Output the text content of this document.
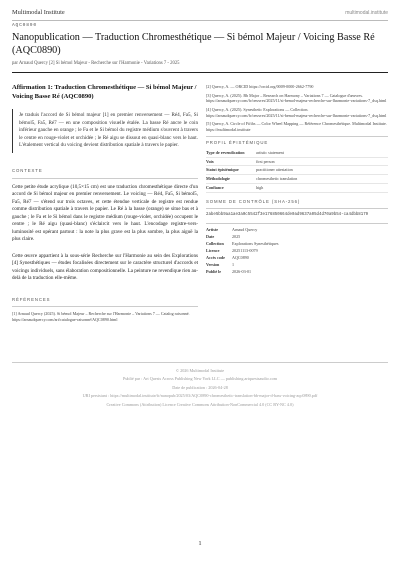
Multimodal Institute	multimodal.institute
AQC0890
Nanopublication — Traduction Chromesthétique — Si bémol Majeur / Voicing Basse Ré (AQC0890)
par Arnaud Quercy [2] Si bémol Majeur - Recherche sur l'Harmonie - Variations 7 - 2025
Affirmation 1: Traduction Chromesthétique — Si bémol Majeur / Voicing Basse Ré (AQC0890)
Je traduis l'accord de Si bémol majeur [1] en premier renversement — Ré4, Fa5, Si bémol5, Fa5, Ré7 — en une composition visuelle étalée. La basse Ré ancre le coin inférieur gauche en orange ; le Fa et le Si bémol du registre médium s'ouvrent à travers le centre en rouge-violet et orchidée ; le Ré aigu se dissout en quasi-blanc vers le haut. L'étalement vertical du voicing devient distribution spatiale à travers le papier.
CONTEXTE

Cette petite étude acrylique (10,5×15 cm) est une traduction chromesthétique directe d'un accord de Si bémol majeur en premier renversement. Le voicing — Ré4, Fa5, Si bémol5, Fa5, Ré7 — s'étend sur trois octaves, et cette étendue verticale de registre est rendue comme distribution spatiale à travers le papier. Le Ré à la basse (orange) se situe bas et à gauche ; le Fa et le Si bémol dans le registre médium (rouge-violet, orchidée) occupent le centre ; le Ré aigu (quasi-blanc) s'éclaircit vers le haut. L'encodage registre-vers-luminosité est opérant partout : la note la plus grave est la plus sombre, la plus aiguë la plus claire.

Cette œuvre appartient à la sous-série Recherche sur l'Harmonie au sein des Explorations [4] Synesthétiques — études focalisées directement sur le caractère structurel d'accords et voicings individuels, sans élaboration compositionnelle. La peinture ne revendique rien au-delà de la traduction elle-même.

RÉFÉRENCES
[1] Arnaud Quercy (2025). Si bémol Majeur – Recherche sur l'Harmonie – Variations 7 — Catalog raisonné. https://arnaudquercy.com/art/catalogue-raisonné/AQC0890.html
[2] Quercy, A. — ORCID https://orcid.org/0009-0000-2662-7790
[3] Quercy, A. (2025). Bb Major – Research on Harmony – Variations 7 — Catalogue d'œuvres. https://arnaudquercy.com/fr/oeuvres/2025/11/si-bemol-majeur-recherche-sur-lharmonie-variations-7_dsq.html
[4] Quercy, A. (2025). Synesthetic Explorations — Collection. https://arnaudquercy.com/fr/oeuvres/2025/11/si-bemol-majeur-recherche-sur-lharmonie-variations-7_dsq.html
[5] Quercy, A. Circle of Fifths — Color Wheel Mapping — Référence Chromesthétique. Multimodal Institute. https://multimodal.institute
PROFIL ÉPISTÉMIQUE
Type de revendication	artistic statement
Voix	first person
Statut épistémique	practitioner attestation
Méthodologie	chromesthetic translation
Confiance	high
SOMME DE CONTRÔLE (SHA-256)
2abe5bb9aa1ae3a0c5542f3e176850664de0ad9637a05d4d70a9b54-ca4dbb8179
Artiste	Arnaud Quercy
Date	2025
Collection	Explorations Synesthétiques
Licence	20251113-0079
Accès code	AQC0890
Version	1
Publié le	2026-03-01
© 2026 Multimodal Institute
Publié par : Art Quests Across Publishing New York LLC — publishing.artquestsaudio.com
Date de publication : 2026-04-28
URI persistant : https://multimodal.institute/fr/nanopub/2025/03/AQC0890-chromesthetic-translation-bb-major-d-bass-voicing-aqc0890.pdf
Creative Commons (Attribution) Licence Creative Commons Attribution-NonCommercial 4.0 (CC BY-NC 4.0)
1
